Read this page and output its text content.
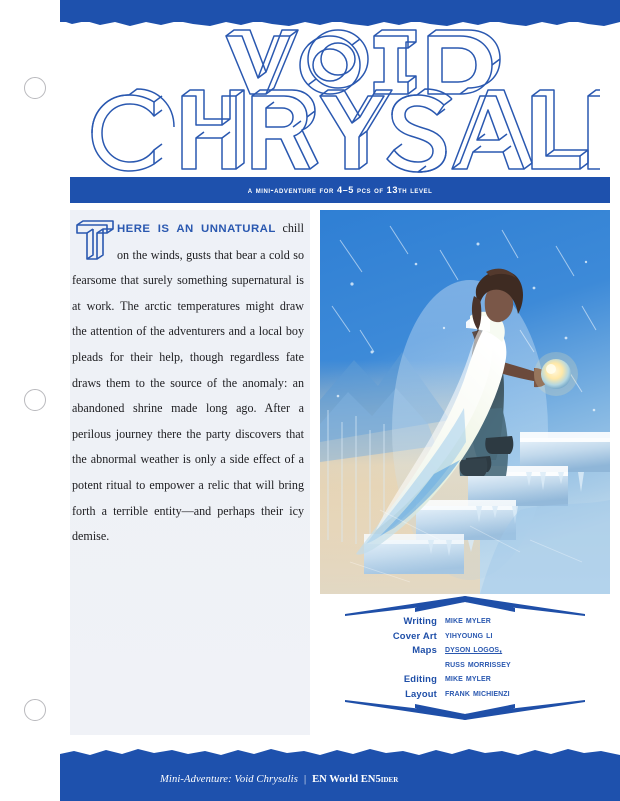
a mini-adventure for 4–5 pcs of 13th level

HERE IS AN UNNATURAL chill on the winds, gusts that bear a cold so fearsome that surely something supernatural is at work. The arctic temperatures might draw the attention of the adventurers and a local boy pleads for their help, though regardless fate draws them to the source of the anomaly: an abandoned shrine made long ago. After a perilous journey there the party discovers that the abnormal weather is only a side effect of a potent ritual to empower a relic that will bring forth a terrible entity—and perhaps their icy demise.

Writing mike myler
Cover Art yihyoung li
Maps dyson logos,
russ morrissey
Editing mike myler
Layout frank michienzi
Mini-Adventure: Void Chrysalis | EN World EN5ider
